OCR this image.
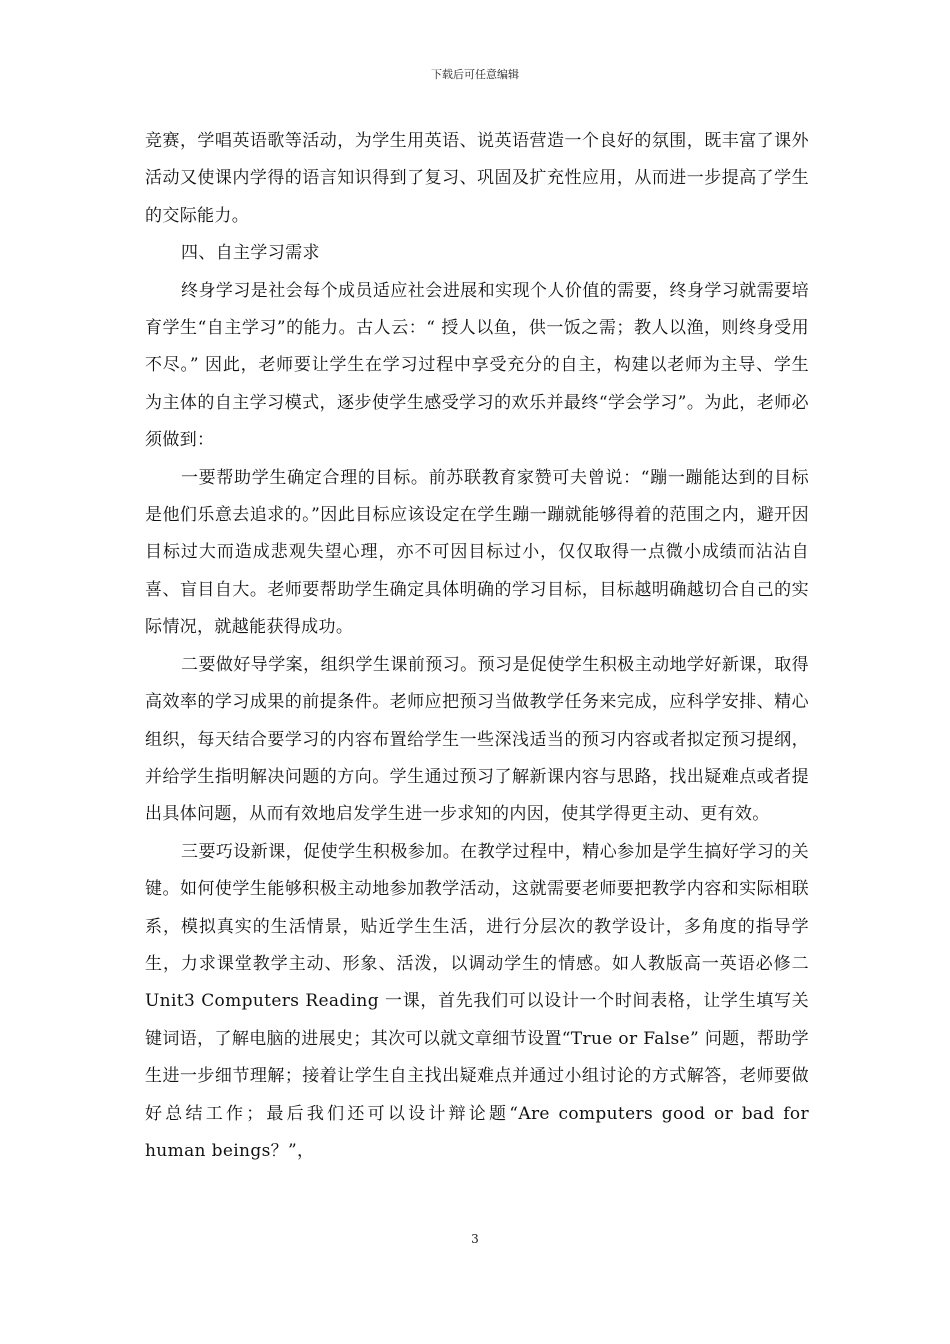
下载后可任意编辑

竞赛，学唱英语歌等活动，为学生用英语、说英语营造一个良好的氛围，既丰富了课外活动又使课内学得的语言知识得到了复习、巩固及扩充性应用，从而进一步提高了学生的交际能力。

四、自主学习需求

终身学习是社会每个成员适应社会进展和实现个人价值的需要，终身学习就需要培育学生“自主学习”的能力。古人云：“ 授人以鱼，供一饭之需；教人以渔，则终身受用不尽。” 因此，老师要让学生在学习过程中享受充分的自主，构建以老师为主导、学生为主体的自主学习模式，逐步使学生感受学习的欢乐并最终“学会学习”。为此，老师必须做到：

一要帮助学生确定合理的目标。前苏联教育家赞可夫曾说：“蹦一蹦能达到的目标是他们乐意去追求的。”因此目标应该设定在学生蹦一蹦就能够得着的范围之内，避开因目标过大而造成悲观失望心理，亦不可因目标过小，仅仅取得一点微小成绩而沾沾自喜、盲目自大。老师要帮助学生确定具体明确的学习目标，目标越明确越切合自己的实际情况，就越能获得成功。

二要做好导学案，组织学生课前预习。预习是促使学生积极主动地学好新课，取得高效率的学习成果的前提条件。老师应把预习当做教学任务来完成，应科学安排、精心组织，每天结合要学习的内容布置给学生一些深浅适当的预习内容或者拟定预习提纲，并给学生指明解决问题的方向。学生通过预习了解新课内容与思路，找出疑难点或者提出具体问题，从而有效地启发学生进一步求知的内因，使其学得更主动、更有效。

三要巧设新课，促使学生积极参加。在教学过程中，精心参加是学生搞好学习的关键。如何使学生能够积极主动地参加教学活动，这就需要老师要把教学内容和实际相联系，模拟真实的生活情景，贴近学生生活，进行分层次的教学设计，多角度的指导学生，力求课堂教学主动、形象、活泼，以调动学生的情感。如人教版高一英语必修二 Unit3 Computers Reading 一课，首先我们可以设计一个时间表格，让学生填写关键词语，了解电脑的进展史；其次可以就文章细节设置“True or False” 问题，帮助学生进一步细节理解；接着让学生自主找出疑难点并通过小组讨论的方式解答，老师要做好总结工作；最后我们还可以设计辩论题“Are computers good or bad for human beings？”，

3
